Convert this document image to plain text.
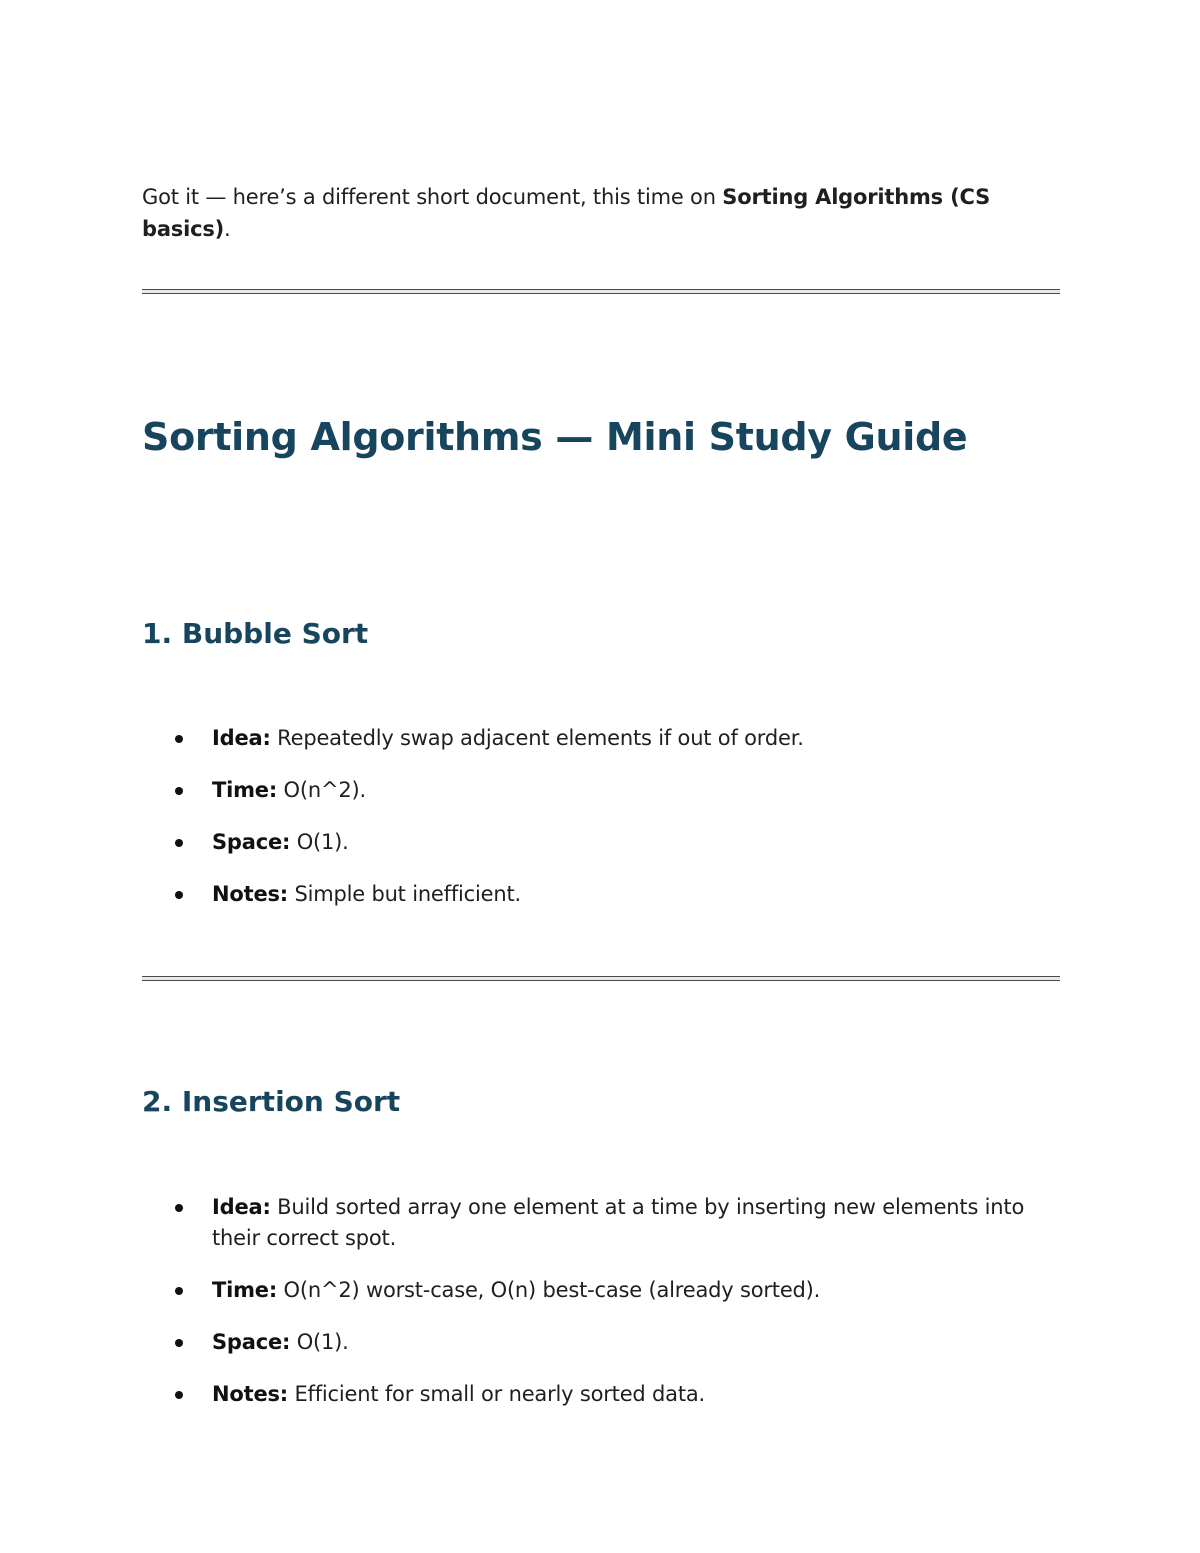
Got it — here’s a different short document, this time on Sorting Algorithms (CS basics).

Sorting Algorithms — Mini Study Guide
1. Bubble Sort
Idea: Repeatedly swap adjacent elements if out of order.
Time: O(n^2).
Space: O(1).
Notes: Simple but inefficient.
2. Insertion Sort
Idea: Build sorted array one element at a time by inserting new elements into their correct spot.
Time: O(n^2) worst-case, O(n) best-case (already sorted).
Space: O(1).
Notes: Efficient for small or nearly sorted data.
